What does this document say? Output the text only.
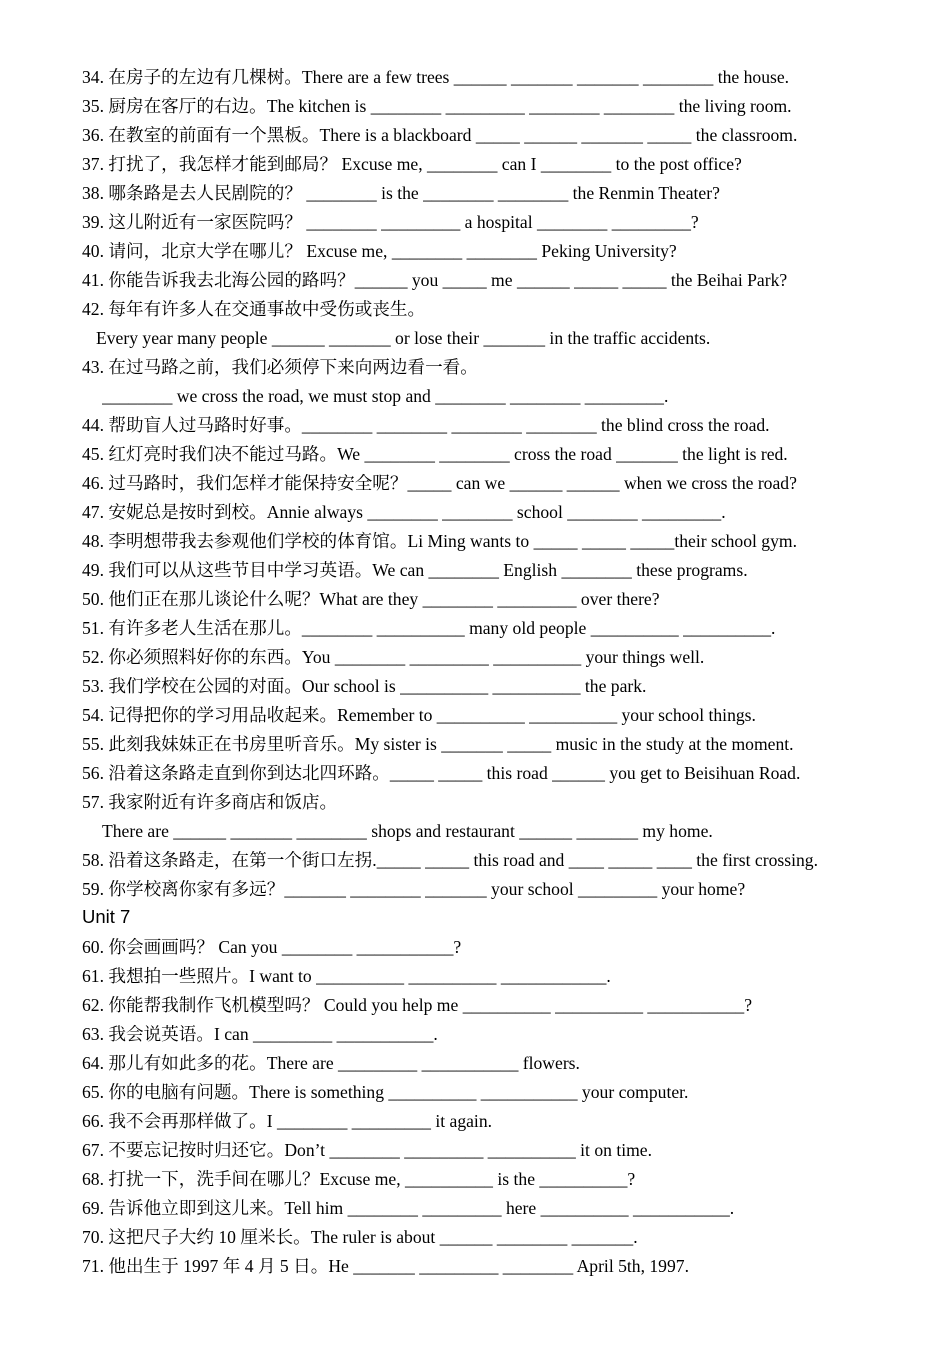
34. 在房子的左边有几棵树。There are a few trees ______ _______ _______ ________ the house.
35. 厨房在客厅的右边。The kitchen is ________ _________ ________ ________ the living room.
36. 在教室的前面有一个黑板。There is a blackboard _____ ______ _______ _____ the classroom.
37. 打扰了，我怎样才能到邮局？ Excuse me, ________ can I ________ to the post office?
38. 哪条路是去人民剧院的？ ________ is the ________ ________ the Renmin Theater?
39. 这儿附近有一家医院吗？ ________ _________ a hospital ________ _________?
40. 请问，北京大学在哪儿？ Excuse me, ________ ________ Peking University?
41. 你能告诉我去北海公园的路吗？______ you _____ me ______ _____ _____ the Beihai Park?
42. 每年有许多人在交通事故中受伤或丧生。
Every year many people ______ _______ or lose their _______ in the traffic accidents.
43. 在过马路之前，我们必须停下来向两边看一看。
________ we cross the road, we must stop and ________ ________ _________.
44. 帮助盲人过马路时好事。________ ________ ________ ________ the blind cross the road.
45. 红灯亮时我们决不能过马路。We ________ ________ cross the road _______ the light is red.
46. 过马路时，我们怎样才能保持安全呢？_____ can we ______ ______ when we cross the road?
47. 安妮总是按时到校。Annie always ________ ________ school ________ _________.
48. 李明想带我去参观他们学校的体育馆。Li Ming wants to _____ _____ _____their school gym.
49. 我们可以从这些节目中学习英语。We can ________ English ________ these programs.
50. 他们正在那儿谈论什么呢？What are they ________ _________ over there?
51. 有许多老人生活在那儿。________ __________ many old people __________ __________.
52. 你必须照料好你的东西。You ________ _________ __________ your things well.
53. 我们学校在公园的对面。Our school is __________ __________ the park.
54. 记得把你的学习用品收起来。Remember to __________ __________ your school things.
55. 此刻我妹妹正在书房里听音乐。My sister is _______ _____ music in the study at the moment.
56. 沿着这条路走直到你到达北四环路。_____ _____ this road ______ you get to Beisihuan Road.
57. 我家附近有许多商店和饭店。
There are ______ _______ ________ shops and restaurant ______ _______ my home.
58. 沿着这条路走，在第一个街口左拐._____ _____ this road and ____ _____ ____ the first crossing.
59. 你学校离你家有多远？_______ ________ _______ your school _________ your home?
Unit 7
60. 你会画画吗？ Can you ________ ___________?
61. 我想拍一些照片。I want to __________ __________ ____________.
62. 你能帮我制作飞机模型吗？ Could you help me __________ __________ ___________?
63. 我会说英语。I can _________ ___________.
64. 那儿有如此多的花。There are _________ ___________ flowers.
65. 你的电脑有问题。There is something __________ ___________ your computer.
66. 我不会再那样做了。I ________ _________ it again.
67. 不要忘记按时归还它。Don’t ________ _________ __________ it on time.
68. 打扰一下，洗手间在哪儿？Excuse me, __________ is the __________?
69. 告诉他立即到这儿来。Tell him ________ _________ here __________ ___________.
70. 这把尺子大约 10 厘米长。The ruler is about ______ ________ _______.
71. 他出生于 1997 年 4 月 5 日。He _______ _________ ________ April 5th, 1997.
